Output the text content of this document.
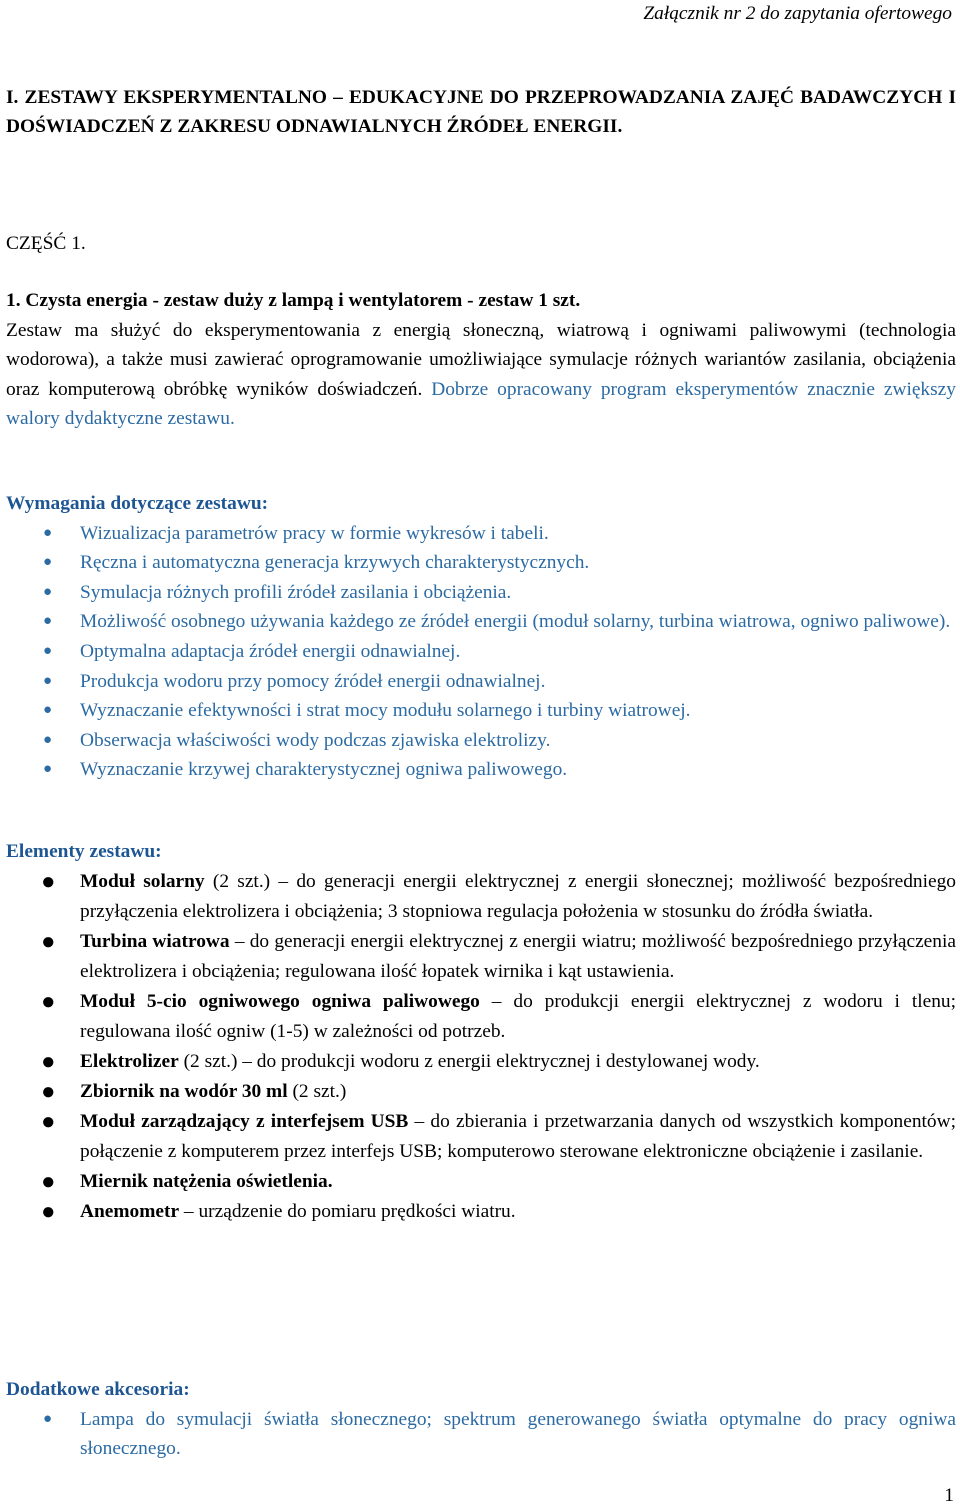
Załącznik nr 2 do zapytania ofertowego
I. ZESTAWY EKSPERYMENTALNO – EDUKACYJNE DO PRZEPROWADZANIA ZAJĘĆ BADAWCZYCH I DOŚWIADCZEŃ Z ZAKRESU ODNAWIALNYCH ŹRÓDEŁ ENERGII.
CZĘŚĆ 1.

1. Czysta energia - zestaw duży z lampą i wentylatorem - zestaw 1 szt.

Zestaw ma służyć do eksperymentowania z energią słoneczną, wiatrową i ogniwami paliwowymi (technologia wodorowa), a także musi zawierać oprogramowanie umożliwiające symulacje różnych wariantów zasilania, obciążenia oraz komputerową obróbkę wyników doświadczeń. Dobrze opracowany program eksperymentów znacznie zwiększy walory dydaktyczne zestawu.

Wymagania dotyczące zestawu:

● Wizualizacja parametrów pracy w formie wykresów i tabeli.
● Ręczna i automatyczna generacja krzywych charakterystycznych.
● Symulacja różnych profili źródeł zasilania i obciążenia.
● Możliwość osobnego używania każdego ze źródeł energii (moduł solarny, turbina wiatrowa, ogniwo paliwowe).
● Optymalna adaptacja źródeł energii odnawialnej.
● Produkcja wodoru przy pomocy źródeł energii odnawialnej.
● Wyznaczanie efektywności i strat mocy modułu solarnego i turbiny wiatrowej.
● Obserwacja właściwości wody podczas zjawiska elektrolizy.
● Wyznaczanie krzywej charakterystycznej ogniwa paliwowego.

Elementy zestawu:

● Moduł solarny (2 szt.) – do generacji energii elektrycznej z energii słonecznej; możliwość bezpośredniego przyłączenia elektrolizera i obciążenia; 3 stopniowa regulacja położenia w stosunku do źródła światła.
● Turbina wiatrowa – do generacji energii elektrycznej z energii wiatru; możliwość bezpośredniego przyłączenia elektrolizera i obciążenia; regulowana ilość łopatek wirnika i kąt ustawienia.
● Moduł 5-cio ogniwowego ogniwa paliwowego – do produkcji energii elektrycznej z wodoru i tlenu; regulowana ilość ogniw (1-5) w zależności od potrzeb.
● Elektrolizer (2 szt.) – do produkcji wodoru z energii elektrycznej i destylowanej wody.
● Zbiornik na wodór 30 ml (2 szt.)
● Moduł zarządzający z interfejsem USB – do zbierania i przetwarzania danych od wszystkich komponentów; połączenie z komputerem przez interfejs USB; komputerowo sterowane elektroniczne obciążenie i zasilanie.
● Miernik natężenia oświetlenia.
● Anemometr – urządzenie do pomiaru prędkości wiatru.

Dodatkowe akcesoria:

● Lampa do symulacji światła słonecznego; spektrum generowanego światła optymalne do pracy ogniwa słonecznego.
1
